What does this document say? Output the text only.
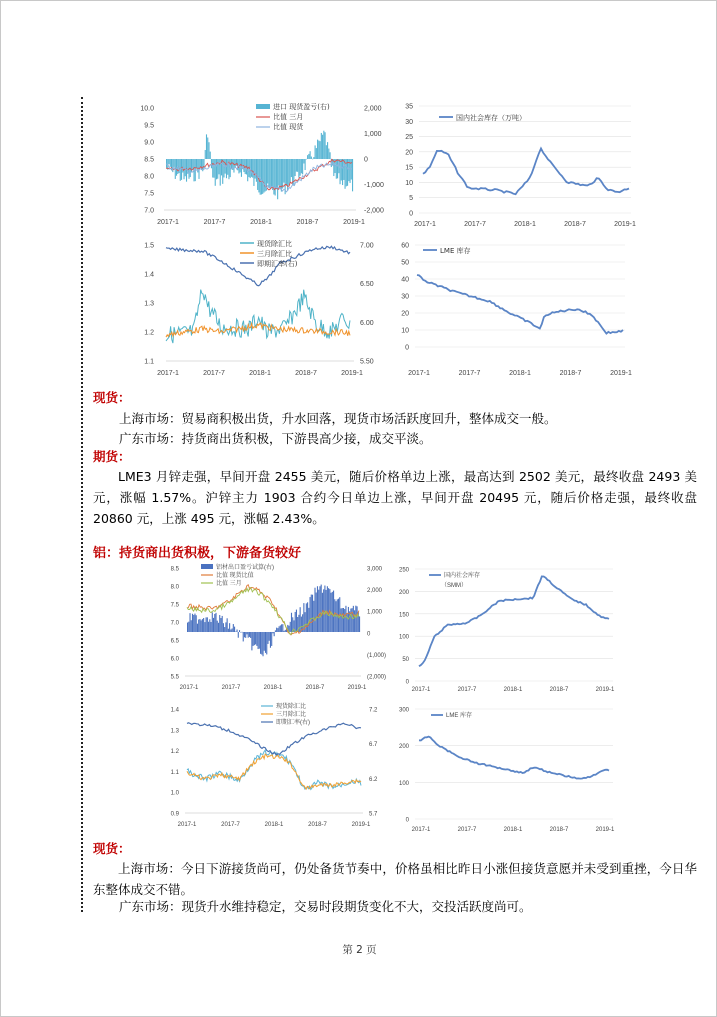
10.0
9.5
9.0
8.5
8.0
7.5
7.0
2,000
1,000
0
-1,000
-2,000
2017-1	2017-7	2018-1	2018-7	2019-1
进口 现货盈亏(右)
比值 三月
比值 现货
35
30
25
20
15
10
5
0
2017-1	2017-7	2018-1	2018-7	2019-1
国内社会库存（万吨）
1.5
1.4
1.3
1.2
1.1
7.00
6.50
6.00
5.50
2017-1	2017-7	2018-1	2018-7	2019-1
现货除汇比
三月除汇比
即期汇率(右)
60
50
40
30
20
10
0
2017-1	2017-7	2018-1	2018-7	2019-1
LME 库存

现货：

上海市场：贸易商积极出货，升水回落，现货市场活跃度回升，整体成交一般。

广东市场：持货商出货积极，下游畏高少接，成交平淡。

期货：

LME3 月锌走强，早间开盘 2455 美元，随后价格单边上涨，最高达到 2502 美元，最终收盘 2493 美元，涨幅 1.57%。沪锌主力 1903 合约今日单边上涨，早间开盘 20495 元，随后价格走强，最终收盘 20860 元，上涨 495 元，涨幅 2.43%。

铝：持货商出货积极，下游备货较好

8.5
8.0
7.5
7.0
6.5
6.0
5.5
3,000
2,000
1,000
0
(1,000)
(2,000)
2017-1	2017-7	2018-1	2018-7	2019-1
铝材出口盈亏试算(右)
比值 现货比值
比值 三月
250
200
150
100
50
0
2017-1	2017-7	2018-1	2018-7	2019-1
国内社会库存
（SMM）
1.4
1.3
1.2
1.1
1.0
0.9
7.2
6.7
6.2
5.7
2017-1	2017-7	2018-1	2018-7	2019-1
现货除汇比
三月除汇比
即期汇率(右)
300
200
100
0
2017-1	2017-7	2018-1	2018-7	2019-1
LME 库存

现货：

上海市场：今日下游接货尚可，仍处备货节奏中，价格虽相比昨日小涨但接货意愿并未受到重挫，今日华东整体成交不错。

广东市场：现货升水维持稳定，交易时段期货变化不大，交投活跃度尚可。

第 2 页
